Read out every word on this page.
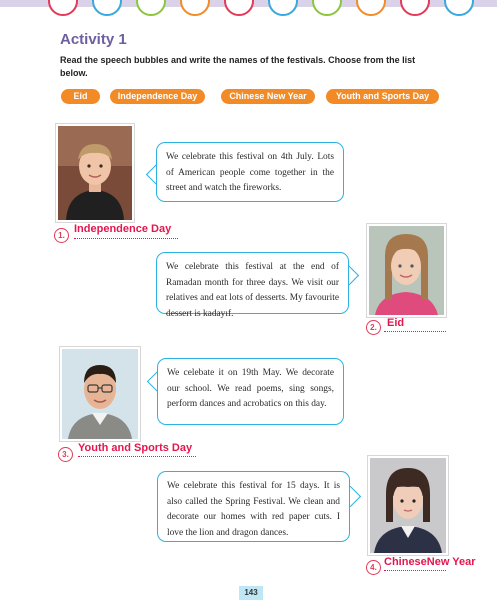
Activity 1
Read the speech bubbles and write the names of the festivals. Choose from the list below.
Eid	Independence Day	Chinese New Year	Youth and Sports Day
We celebrate this festival on 4th July. Lots of American people come together in the street and watch the fireworks.
1.
Independence Day
We celebrate this festival at the end of Ramadan month for three days. We visit our relatives and eat lots of desserts. My favourite dessert is kadayıf.
2. Eid
We celebate it on 19th May. We decorate our school. We read poems, sing songs, perform dances and acrobatics on this day.
3.
Youth and Sports Day
We celebrate this festival for 15 days. It is also called the Spring Festival. We clean and decorate our homes with red paper cuts. I love the lion and dragon dances.
4. ChineseNew Year
143
